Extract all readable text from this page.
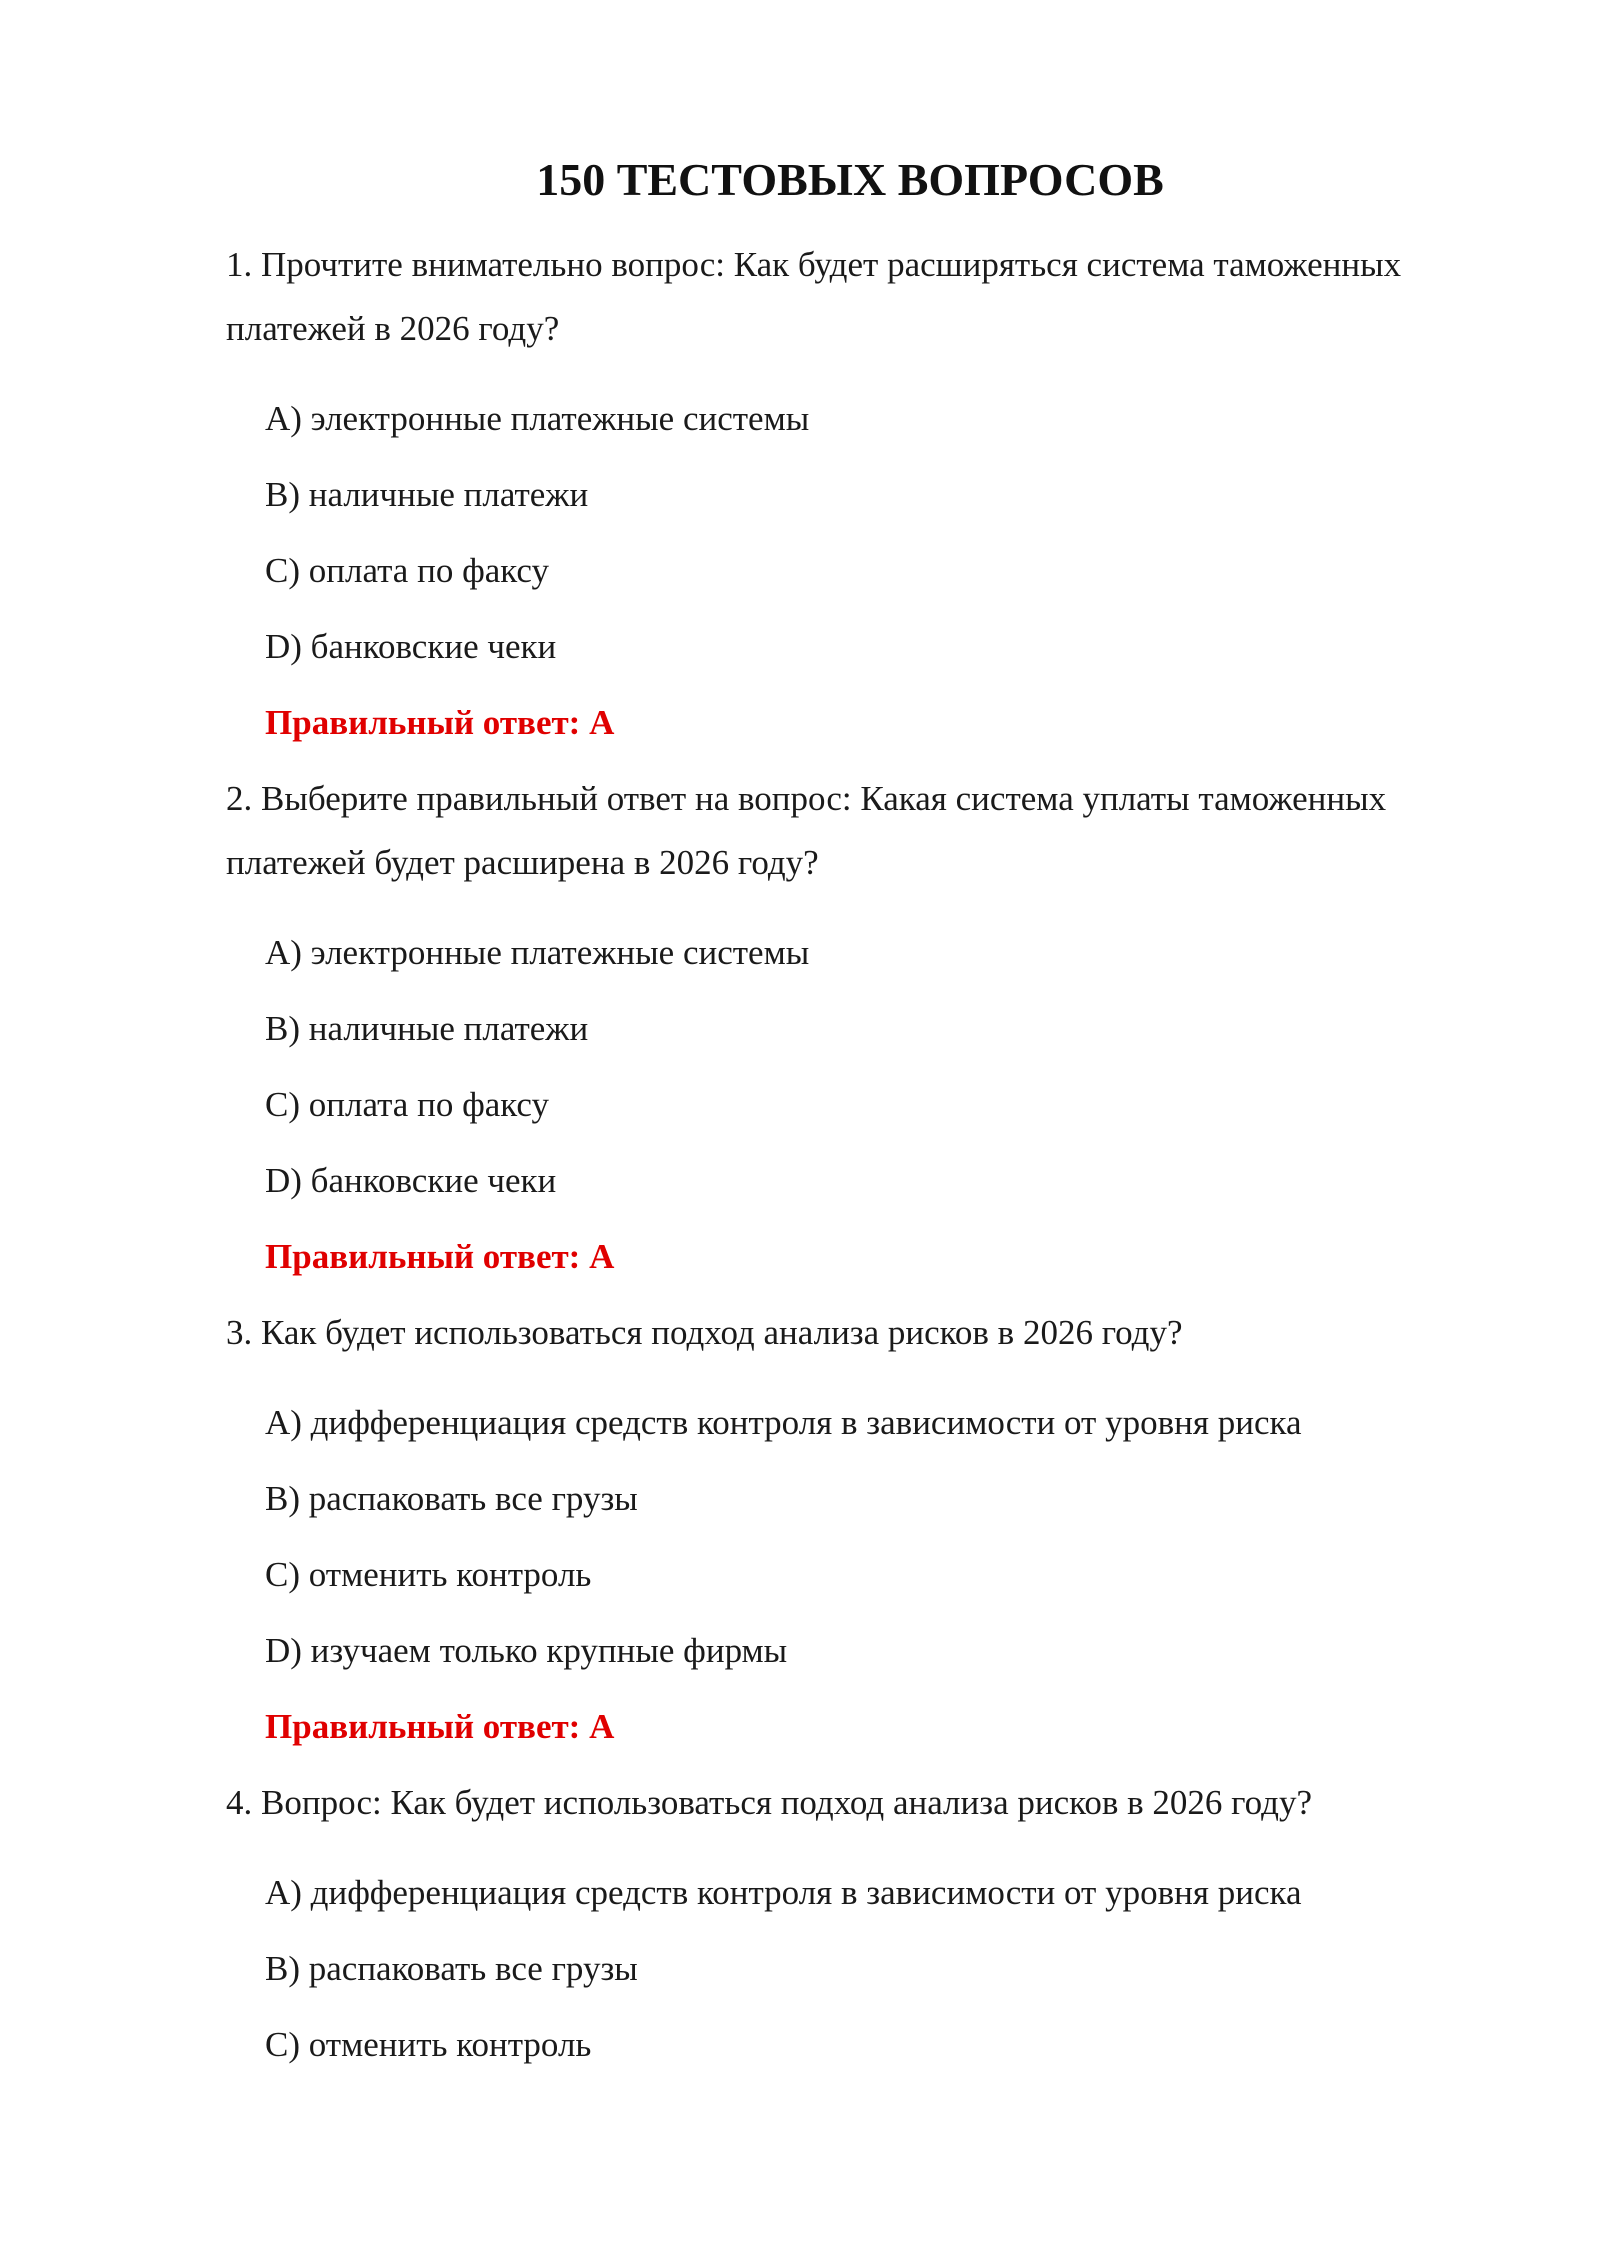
150 ТЕСТОВЫХ ВОПРОСОВ

1. Прочтите внимательно вопрос: Как будет расширяться система таможенных платежей в 2026 году?

A) электронные платежные системы

B) наличные платежи

C) оплата по факсу

D) банковские чеки

Правильный ответ: A

2. Выберите правильный ответ на вопрос: Какая система уплаты таможенных платежей будет расширена в 2026 году?

A) электронные платежные системы

B) наличные платежи

C) оплата по факсу

D) банковские чеки

Правильный ответ: A

3. Как будет использоваться подход анализа рисков в 2026 году?

A) дифференциация средств контроля в зависимости от уровня риска

B) распаковать все грузы

C) отменить контроль

D) изучаем только крупные фирмы

Правильный ответ: A

4. Вопрос: Как будет использоваться подход анализа рисков в 2026 году?

A) дифференциация средств контроля в зависимости от уровня риска

B) распаковать все грузы

C) отменить контроль
